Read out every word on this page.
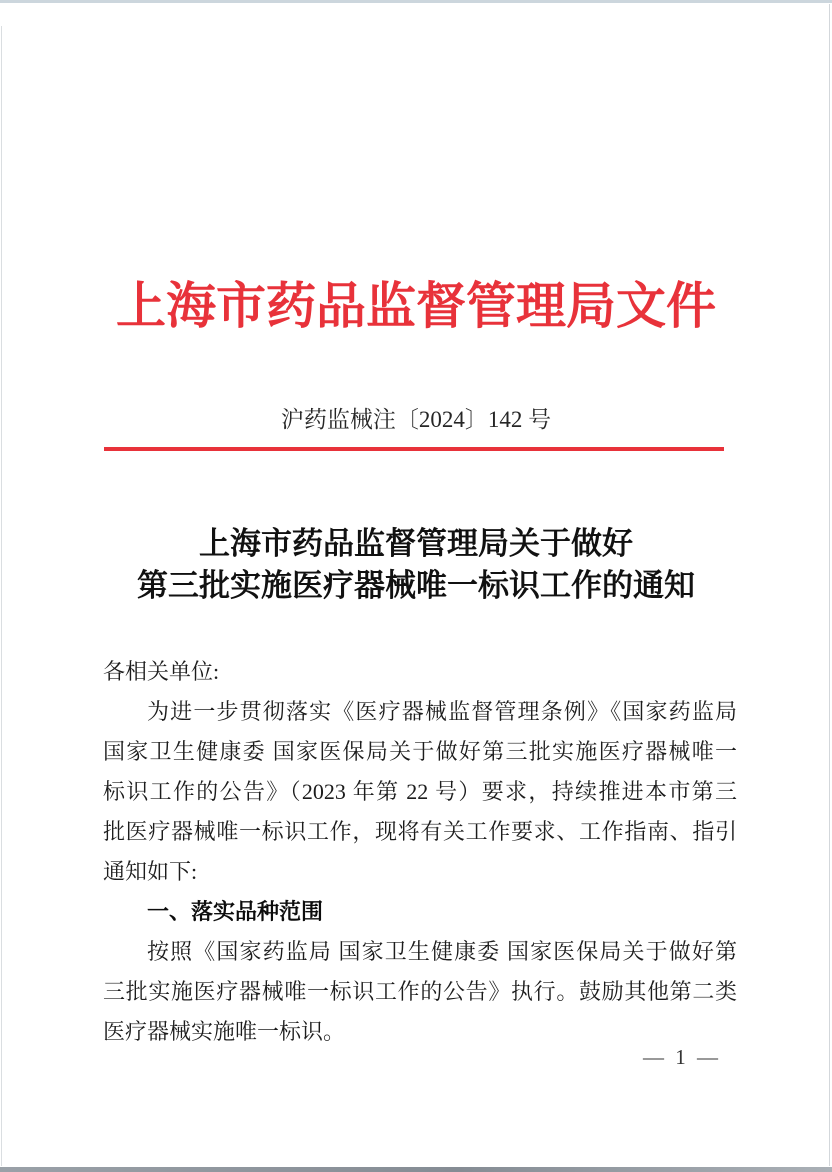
上海市药品监督管理局文件
沪药监械注〔2024〕142 号
上海市药品监督管理局关于做好
第三批实施医疗器械唯一标识工作的通知
各相关单位:
为进一步贯彻落实《医疗器械监督管理条例》《国家药监局
国家卫生健康委 国家医保局关于做好第三批实施医疗器械唯一
标识工作的公告》（2023 年第 22 号）要求，持续推进本市第三
批医疗器械唯一标识工作，现将有关工作要求、工作指南、指引
通知如下:
一、落实品种范围
按照《国家药监局 国家卫生健康委 国家医保局关于做好第
三批实施医疗器械唯一标识工作的公告》执行。鼓励其他第二类
医疗器械实施唯一标识。
— 1 —
